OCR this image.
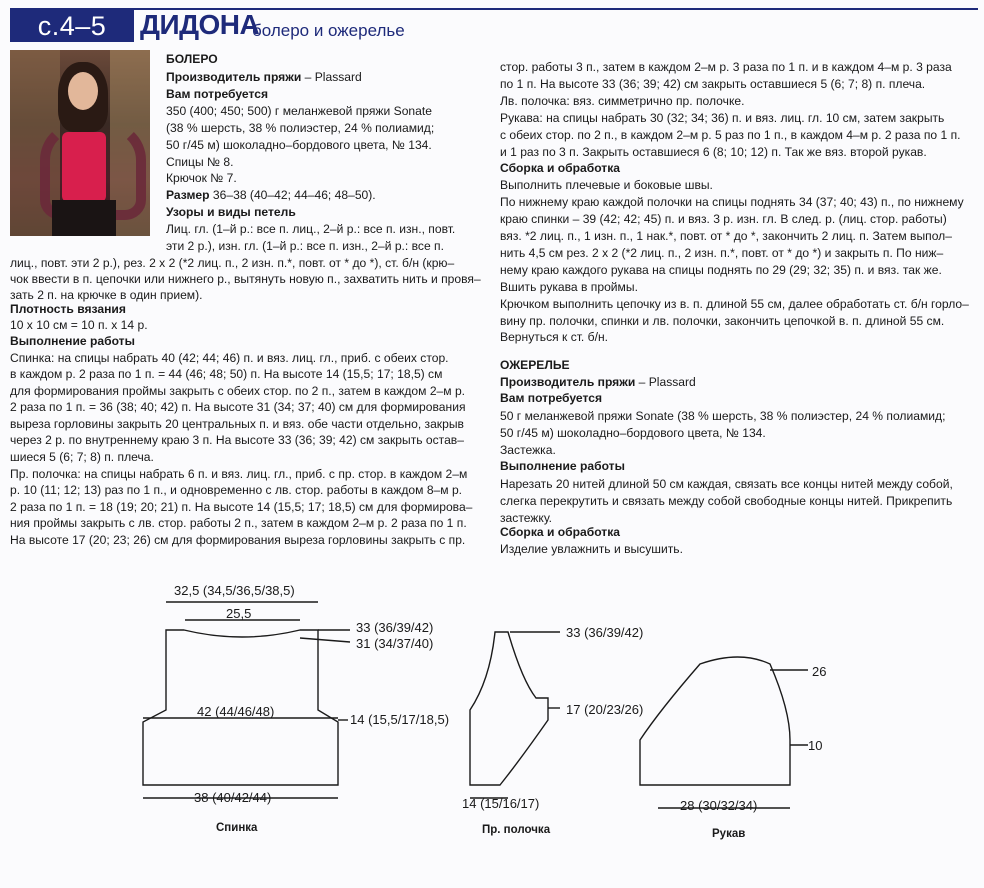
с.4–5	ДИДОНА
болеро и ожерелье
БОЛЕРО
Производитель пряжи – Plassard
Вам потребуется
350 (400; 450; 500) г меланжевой пряжи Sonate
(38 % шерсть, 38 % полиэстер, 24 % полиамид;
50 г/45 м) шоколадно–бордового цвета, № 134.
Спицы № 8.
Крючок № 7.
Размер 36–38 (40–42; 44–46; 48–50).
Узоры и виды петель
Лиц. гл. (1–й р.: все п. лиц., 2–й р.: все п. изн., повт.
эти 2 р.), изн. гл. (1–й р.: все п. изн., 2–й р.: все п.
лиц., повт. эти 2 р.), рез. 2 х 2 (*2 лиц. п., 2 изн. п.*, повт. от * до *), ст. б/н (крю–
чок ввести в п. цепочки или нижнего р., вытянуть новую п., захватить нить и провя–
зать 2 п. на крючке в один прием).
Плотность вязания
10 х 10 см = 10 п. х 14 р.
Выполнение работы
Спинка: на спицы набрать 40 (42; 44; 46) п. и вяз. лиц. гл., приб. с обеих стор.
в каждом р. 2 раза по 1 п. = 44 (46; 48; 50) п. На высоте 14 (15,5; 17; 18,5) см
для формирования проймы закрыть с обеих стор. по 2 п., затем в каждом 2–м р.
2 раза по 1 п. = 36 (38; 40; 42) п. На высоте 31 (34; 37; 40) см для формирования
выреза горловины закрыть 20 центральных п. и вяз. обе части отдельно, закрыв
через 2 р. по внутреннему краю 3 п. На высоте 33 (36; 39; 42) см закрыть остав–
шиеся 5 (6; 7; 8) п. плеча.
Пр. полочка: на спицы набрать 6 п. и вяз. лиц. гл., приб. с пр. стор. в каждом 2–м
р. 10 (11; 12; 13) раз по 1 п., и одновременно с лв. стор. работы в каждом 8–м р.
2 раза по 1 п. = 18 (19; 20; 21) п. На высоте 14 (15,5; 17; 18,5) см для формирова–
ния проймы закрыть с лв. стор. работы 2 п., затем в каждом 2–м р. 2 раза по 1 п.
На высоте 17 (20; 23; 26) см для формирования выреза горловины закрыть с пр.
стор. работы 3 п., затем в каждом 2–м р. 3 раза по 1 п. и в каждом 4–м р. 3 раза
по 1 п. На высоте 33 (36; 39; 42) см закрыть оставшиеся 5 (6; 7; 8) п. плеча.
Лв. полочка: вяз. симметрично пр. полочке.
Рукава: на спицы набрать 30 (32; 34; 36) п. и вяз. лиц. гл. 10 см, затем закрыть
с обеих стор. по 2 п., в каждом 2–м р. 5 раз по 1 п., в каждом 4–м р. 2 раза по 1 п.
и 1 раз по 3 п. Закрыть оставшиеся 6 (8; 10; 12) п. Так же вяз. второй рукав.
Сборка и обработка
Выполнить плечевые и боковые швы.
По нижнему краю каждой полочки на спицы поднять 34 (37; 40; 43) п., по нижнему
краю спинки – 39 (42; 42; 45) п. и вяз. 3 р. изн. гл. В след. р. (лиц. стор. работы)
вяз. *2 лиц. п., 1 изн. п., 1 нак.*, повт. от * до *, закончить 2 лиц. п. Затем выпол–
нить 4,5 см рез. 2 х 2 (*2 лиц. п., 2 изн. п.*, повт. от * до *) и закрыть п. По ниж–
нему краю каждого рукава на спицы поднять по 29 (29; 32; 35) п. и вяз. так же.
Вшить рукава в проймы.
Крючком выполнить цепочку из в. п. длиной 55 см, далее обработать ст. б/н горло–
вину пр. полочки, спинки и лв. полочки, закончить цепочкой в. п. длиной 55 см.
Вернуться к ст. б/н.
ОЖЕРЕЛЬЕ
Производитель пряжи – Plassard
Вам потребуется
50 г меланжевой пряжи Sonate (38 % шерсть, 38 % полиэстер, 24 % полиамид;
50 г/45 м) шоколадно–бордового цвета, № 134.
Застежка.
Выполнение работы
Нарезать 20 нитей длиной 50 см каждая, связать все концы нитей между собой,
слегка перекрутить и связать между собой свободные концы нитей. Прикрепить
застежку.
Сборка и обработка
Изделие увлажнить и высушить.
32,5 (34,5/36,5/38,5)
25,5
33 (36/39/42)
31 (34/37/40)
42 (44/46/48)
14 (15,5/17/18,5)
38 (40/42/44)
Спинка
33 (36/39/42)
17 (20/23/26)
14 (15/16/17)
Пр. полочка
26
10
28 (30/32/34)
Рукав
